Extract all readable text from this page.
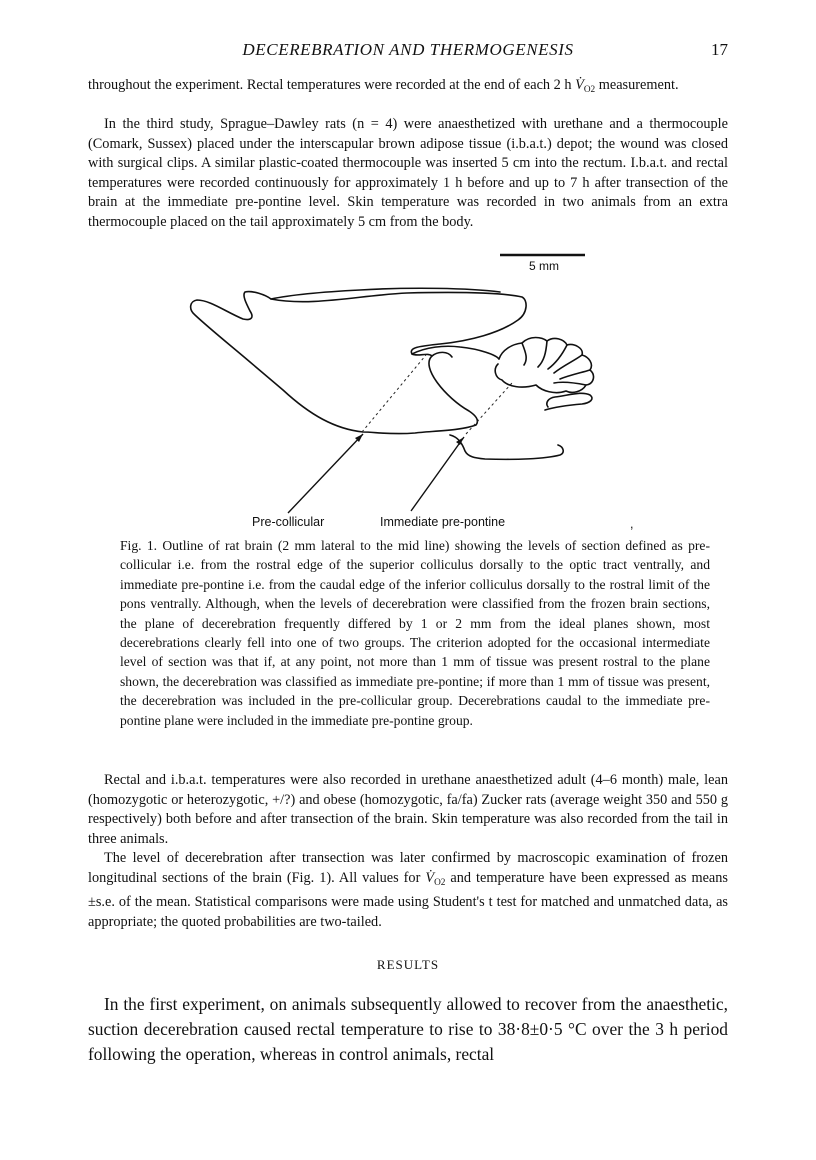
DECEREBRATION AND THERMOGENESIS	17

throughout the experiment. Rectal temperatures were recorded at the end of each 2 h $V̇_{O2}$ measurement.

In the third study, Sprague–Dawley rats (n = 4) were anaesthetized with urethane and a thermocouple (Comark, Sussex) placed under the interscapular brown adipose tissue (i.b.a.t.) depot; the wound was closed with surgical clips. A similar plastic-coated thermocouple was inserted 5 cm into the rectum. I.b.a.t. and rectal temperatures were recorded continuously for approximately 1 h before and up to 7 h after transection of the brain at the immediate pre-pontine level. Skin temperature was recorded in two animals from an extra thermocouple placed on the tail approximately 5 cm from the body.

5 mm
Pre-collicular	Immediate pre-pontine	,

Fig. 1. Outline of rat brain (2 mm lateral to the mid line) showing the levels of section defined as pre-collicular i.e. from the rostral edge of the superior colliculus dorsally to the optic tract ventrally, and immediate pre-pontine i.e. from the caudal edge of the inferior colliculus dorsally to the rostral limit of the pons ventrally. Although, when the levels of decerebration were classified from the frozen brain sections, the plane of decerebration frequently differed by 1 or 2 mm from the ideal planes shown, most decerebrations clearly fell into one of two groups. The criterion adopted for the occasional intermediate level of section was that if, at any point, not more than 1 mm of tissue was present rostral to the plane shown, the decerebration was classified as immediate pre-pontine; if more than 1 mm of tissue was present, the decerebration was included in the pre-collicular group. Decerebrations caudal to the immediate pre-pontine plane were included in the immediate pre-pontine group.

Rectal and i.b.a.t. temperatures were also recorded in urethane anaesthetized adult (4–6 month) male, lean (homozygotic or heterozygotic, +/?) and obese (homozygotic, fa/fa) Zucker rats (average weight 350 and 550 g respectively) both before and after transection of the brain. Skin temperature was also recorded from the tail in three animals.

The level of decerebration after transection was later confirmed by macroscopic examination of frozen longitudinal sections of the brain (Fig. 1). All values for $V̇_{O2}$ and temperature have been expressed as means ±s.e. of the mean. Statistical comparisons were made using Student's t test for matched and unmatched data, as appropriate; the quoted probabilities are two-tailed.

RESULTS

In the first experiment, on animals subsequently allowed to recover from the anaesthetic, suction decerebration caused rectal temperature to rise to 38·8±0·5 °C over the 3 h period following the operation, whereas in control animals, rectal
